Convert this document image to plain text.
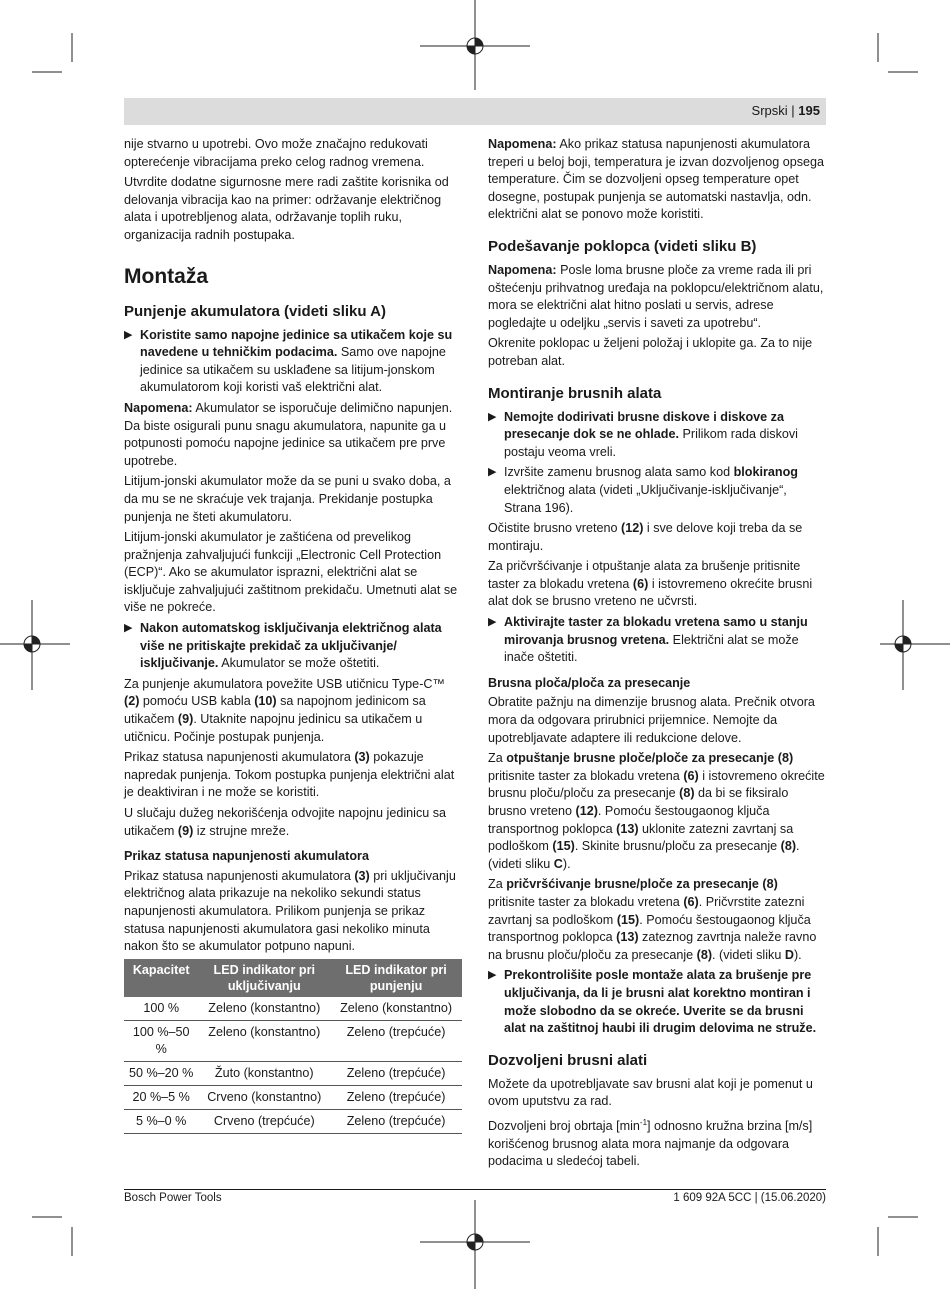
Srpski | 195

nije stvarno u upotrebi. Ovo može značajno redukovati opterećenje vibracijama preko celog radnog vremena.

Utvrdite dodatne sigurnosne mere radi zaštite korisnika od delovanja vibracija kao na primer: održavanje električnog alata i upotrebljenog alata, održavanje toplih ruku, organizacija radnih postupaka.

Montaža
Punjenje akumulatora (videti sliku A)
▶ Koristite samo napojne jedinice sa utikačem koje su navedene u tehničkim podacima. Samo ove napojne jedinice sa utikačem su usklađene sa litijum-jonskom akumulatorom koji koristi vaš električni alat.

Napomena: Akumulator se isporučuje delimično napunjen. Da biste osigurali punu snagu akumulatora, napunite ga u potpunosti pomoću napojne jedinice sa utikačem pre prve upotrebe.

Litijum-jonski akumulator može da se puni u svako doba, a da mu se ne skraćuje vek trajanja. Prekidanje postupka punjenja ne šteti akumulatoru.

Litijum-jonski akumulator je zaštićena od prevelikog pražnjenja zahvaljujući funkciji „Electronic Cell Protection (ECP)“. Ako se akumulator isprazni, električni alat se isključuje zahvaljujući zaštitnom prekidaču. Umetnuti alat se više ne pokreće.

▶ Nakon automatskog isključivanja električnog alata više ne pritiskajte prekidač za uključivanje/ isključivanje. Akumulator se može oštetiti.

Za punjenje akumulatora povežite USB utičnicu Type-C™ (2) pomoću USB kabla (10) sa napojnom jedinicom sa utikačem (9). Utaknite napojnu jedinicu sa utikačem u utičnicu. Počinje postupak punjenja.

Prikaz statusa napunjenosti akumulatora (3) pokazuje napredak punjenja. Tokom postupka punjenja električni alat je deaktiviran i ne može se koristiti.

U slučaju dužeg nekorišćenja odvojite napojnu jedinicu sa utikačem (9) iz strujne mreže.

Prikaz statusa napunjenosti akumulatora

Prikaz statusa napunjenosti akumulatora (3) pri uključivanju električnog alata prikazuje na nekoliko sekundi status napunjenosti akumulatora. Prilikom punjenja se prikaz statusa napunjenosti akumulatora gasi nekoliko minuta nakon što se akumulator potpuno napuni.

Kapacitet	LED indikator pri uključivanju	LED indikator pri punjenju
100 %	Zeleno (konstantno)	Zeleno (konstantno)
100 %–50 %	Zeleno (konstantno)	Zeleno (trepćuće)
50 %–20 %	Žuto (konstantno)	Zeleno (trepćuće)
20 %–5 %	Crveno (konstantno)	Zeleno (trepćuće)
5 %–0 %	Crveno (trepćuće)	Zeleno (trepćuće)

Napomena: Ako prikaz statusa napunjenosti akumulatora treperi u beloj boji, temperatura je izvan dozvoljenog opsega temperature. Čim se dozvoljeni opseg temperature opet dosegne, postupak punjenja se automatski nastavlja, odn. električni alat se ponovo može koristiti.

Podešavanje poklopca (videti sliku B)

Napomena: Posle loma brusne ploče za vreme rada ili pri oštećenju prihvatnog uređaja na poklopcu/električnom alatu, mora se električni alat hitno poslati u servis, adrese pogledajte u odeljku „servis i saveti za upotrebu“.

Okrenite poklopac u željeni položaj i uklopite ga. Za to nije potreban alat.

Montiranje brusnih alata
▶ Nemojte dodirivati brusne diskove i diskove za presecanje dok se ne ohlade. Prilikom rada diskovi postaju veoma vreli.
▶ Izvršite zamenu brusnog alata samo kod blokiranog električnog alata (videti „Uključivanje-isključivanje“, Strana 196).

Očistite brusno vreteno (12) i sve delove koji treba da se montiraju.

Za pričvršćivanje i otpuštanje alata za brušenje pritisnite taster za blokadu vretena (6) i istovremeno okrećite brusni alat dok se brusno vreteno ne učvrsti.

▶ Aktivirajte taster za blokadu vretena samo u stanju mirovanja brusnog vretena. Električni alat se može inače oštetiti.
Brusna ploča/ploča za presecanje

Obratite pažnju na dimenzije brusnog alata. Prečnik otvora mora da odgovara prirubnici prijemnice. Nemojte da upotrebljavate adaptere ili redukcione delove.

Za otpuštanje brusne ploče/ploče za presecanje (8) pritisnite taster za blokadu vretena (6) i istovremeno okrećite brusnu ploču/ploču za presecanje (8) da bi se fiksiralo brusno vreteno (12). Pomoću šestougaonog ključa transportnog poklopca (13) uklonite zatezni zavrtanj sa podloškom (15). Skinite brusnu/ploču za presecanje (8). (videti sliku C).

Za pričvršćivanje brusne/ploče za presecanje (8) pritisnite taster za blokadu vretena (6). Pričvrstite zatezni zavrtanj sa podloškom (15). Pomoću šestougaonog ključa transportnog poklopca (13) zateznog zavrtnja naleže ravno na brusnu ploču/ploču za presecanje (8). (videti sliku D).

▶ Prekontrolišite posle montaže alata za brušenje pre uključivanja, da li je brusni alat korektno montiran i može slobodno da se okreće. Uverite se da brusni alat na zaštitnoj haubi ili drugim delovima ne struže.
Dozvoljeni brusni alati

Možete da upotrebljavate sav brusni alat koji je pomenut u ovom uputstvu za rad.

Dozvoljeni broj obrtaja $[\min^{-1}]$ odnosno kružna brzina [m/s] korišćenog brusnog alata mora najmanje da odgovara podacima u sledećoj tabeli.

Bosch Power Tools	1 609 92A 5CC | (15.06.2020)
